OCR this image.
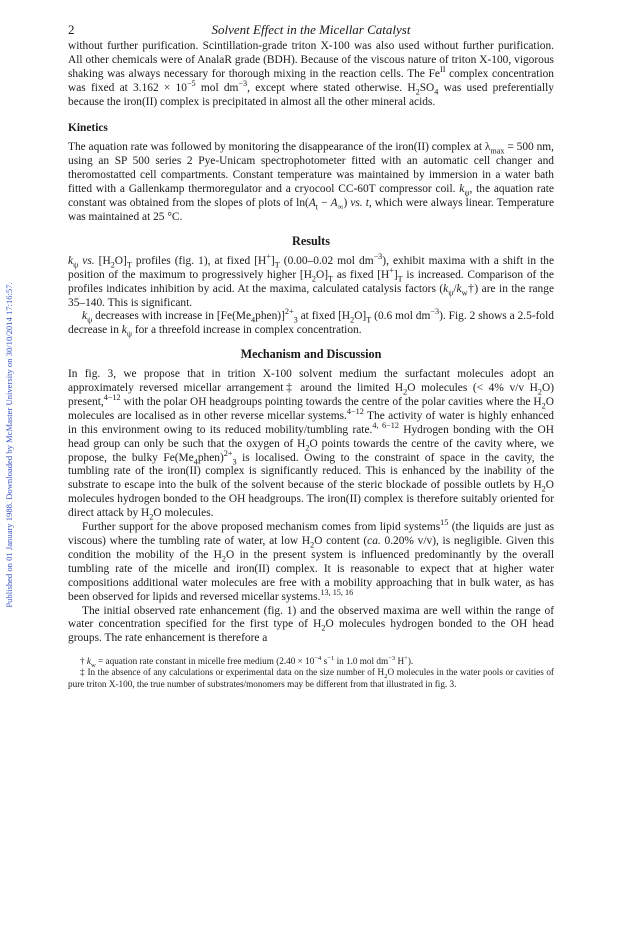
Published on 01 January 1988. Downloaded by McMaster University on 30/10/2014 17:16:57.
2	Solvent Effect in the Micellar Catalyst

without further purification. Scintillation-grade triton X-100 was also used without further purification. All other chemicals were of AnalaR grade (BDH). Because of the viscous nature of triton X-100, vigorous shaking was always necessary for thorough mixing in the reaction cells. The $Fe^{II}$ complex concentration was fixed at $3.162 \times 10^{-5}$ mol $dm^{-3}$, except where stated otherwise. $H_2SO_4$ was used preferentially because the iron(II) complex is precipitated in almost all the other mineral acids.

Kinetics

The aquation rate was followed by monitoring the disappearance of the iron(II) complex at $\lambda_{max} = 500$ nm, using an SP 500 series 2 Pye-Unicam spectrophotometer fitted with an automatic cell changer and theromostatted cell compartments. Constant temperature was maintained by immersion in a water bath fitted with a Gallenkamp thermoregulator and a cryocool CC-60T compressor coil. $k_\psi$, the aquation rate constant was obtained from the slopes of plots of $\ln(A_t - A_\infty)$ vs. t, which were always linear. Temperature was maintained at 25 °C.

Results

$k_\psi$ vs. $[H_2O]_T$ profiles (fig. 1), at fixed $[H^+]_T$ (0.00–0.02 mol $dm^{-3}$), exhibit maxima with a shift in the position of the maximum to progressively higher $[H_2O]_T$ as fixed $[H^+]_T$ is increased. Comparison of the profiles indicates inhibition by acid. At the maxima, calculated catalysis factors $(k_\psi/k_w\dagger)$ are in the range 35–140. This is significant.

$k_\psi$ decreases with increase in $[Fe(Me_4phen)]^{2+}_3$ at fixed $[H_2O]_T$ (0.6 mol $dm^{-3}$). Fig. 2 shows a 2.5-fold decrease in $k_\psi$ for a threefold increase in complex concentration.

Mechanism and Discussion

In fig. 3, we propose that in trition X-100 solvent medium the surfactant molecules adopt an approximately reversed micellar arrangement‡ around the limited $H_2O$ molecules (< 4% v/v $H_2O$) present,$^{4-12}$ with the polar OH headgroups pointing towards the centre of the polar cavities where the $H_2O$ molecules are localised as in other reverse micellar systems.$^{4-12}$ The activity of water is highly enhanced in this environment owing to its reduced mobility/tumbling rate.$^{4, 6-12}$ Hydrogen bonding with the OH head group can only be such that the oxygen of $H_2O$ points towards the centre of the cavity where, we propose, the bulky $Fe(Me_4phen)^{2+}_3$ is localised. Owing to the constraint of space in the cavity, the tumbling rate of the iron(II) complex is significantly reduced. This is enhanced by the inability of the substrate to escape into the bulk of the solvent because of the steric blockade of possible outlets by $H_2O$ molecules hydrogen bonded to the OH headgroups. The iron(II) complex is therefore suitably oriented for direct attack by $H_2O$ molecules.

Further support for the above proposed mechanism comes from lipid systems$^{15}$ (the liquids are just as viscous) where the tumbling rate of water, at low $H_2O$ content (ca. 0.20% v/v), is negligible. Given this condition the mobility of the $H_2O$ in the present system is influenced predominantly by the overall tumbling rate of the micelle and iron(II) complex. It is reasonable to expect that at higher water compositions additional water molecules are free with a mobility approaching that in bulk water, as has been observed for lipids and reversed micellar systems.$^{13, 15, 16}$

The initial observed rate enhancement (fig. 1) and the observed maxima are well within the range of water concentration specified for the first type of $H_2O$ molecules hydrogen bonded to the OH head groups. The rate enhancement is therefore a

† $k_w$ = aquation rate constant in micelle free medium ($2.40 \times 10^{-4}$ $s^{-1}$ in 1.0 mol $dm^{-3}$ H+).

‡ In the absence of any calculations or experimental data on the size number of $H_2O$ molecules in the water pools or cavities of pure triton X-100, the true number of substrates/monomers may be different from that illustrated in fig. 3.
